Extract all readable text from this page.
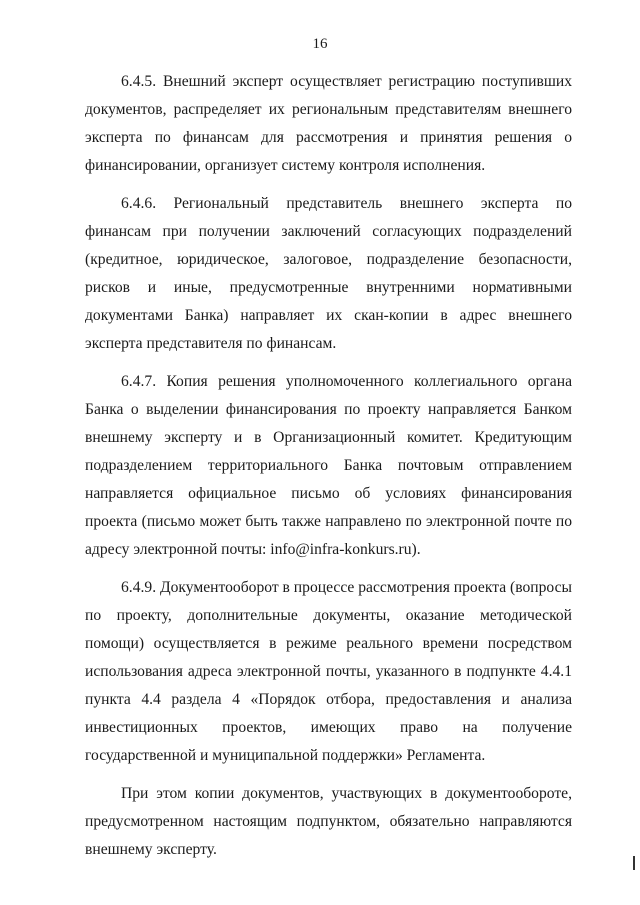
16

6.4.5. Внешний эксперт осуществляет регистрацию поступивших документов, распределяет их региональным представителям внешнего эксперта по финансам для рассмотрения и принятия решения о финансировании, организует систему контроля исполнения.

6.4.6. Региональный представитель внешнего эксперта по финансам при получении заключений согласующих подразделений (кредитное, юридическое, залоговое, подразделение безопасности, рисков и иные, предусмотренные внутренними нормативными документами Банка) направляет их скан-копии в адрес внешнего эксперта представителя по финансам.

6.4.7. Копия решения уполномоченного коллегиального органа Банка о выделении финансирования по проекту направляется Банком внешнему эксперту и в Организационный комитет. Кредитующим подразделением территориального Банка почтовым отправлением направляется официальное письмо об условиях финансирования проекта (письмо может быть также направлено по электронной почте по адресу электронной почты: info@infra-konkurs.ru).

6.4.9. Документооборот в процессе рассмотрения проекта (вопросы по проекту, дополнительные документы, оказание методической помощи) осуществляется в режиме реального времени посредством использования адреса электронной почты, указанного в подпункте 4.4.1 пункта 4.4 раздела 4 «Порядок отбора, предоставления и анализа инвестиционных проектов, имеющих право на получение государственной и муниципальной поддержки» Регламента.

При этом копии документов, участвующих в документообороте, предусмотренном настоящим подпунктом, обязательно направляются внешнему эксперту.
